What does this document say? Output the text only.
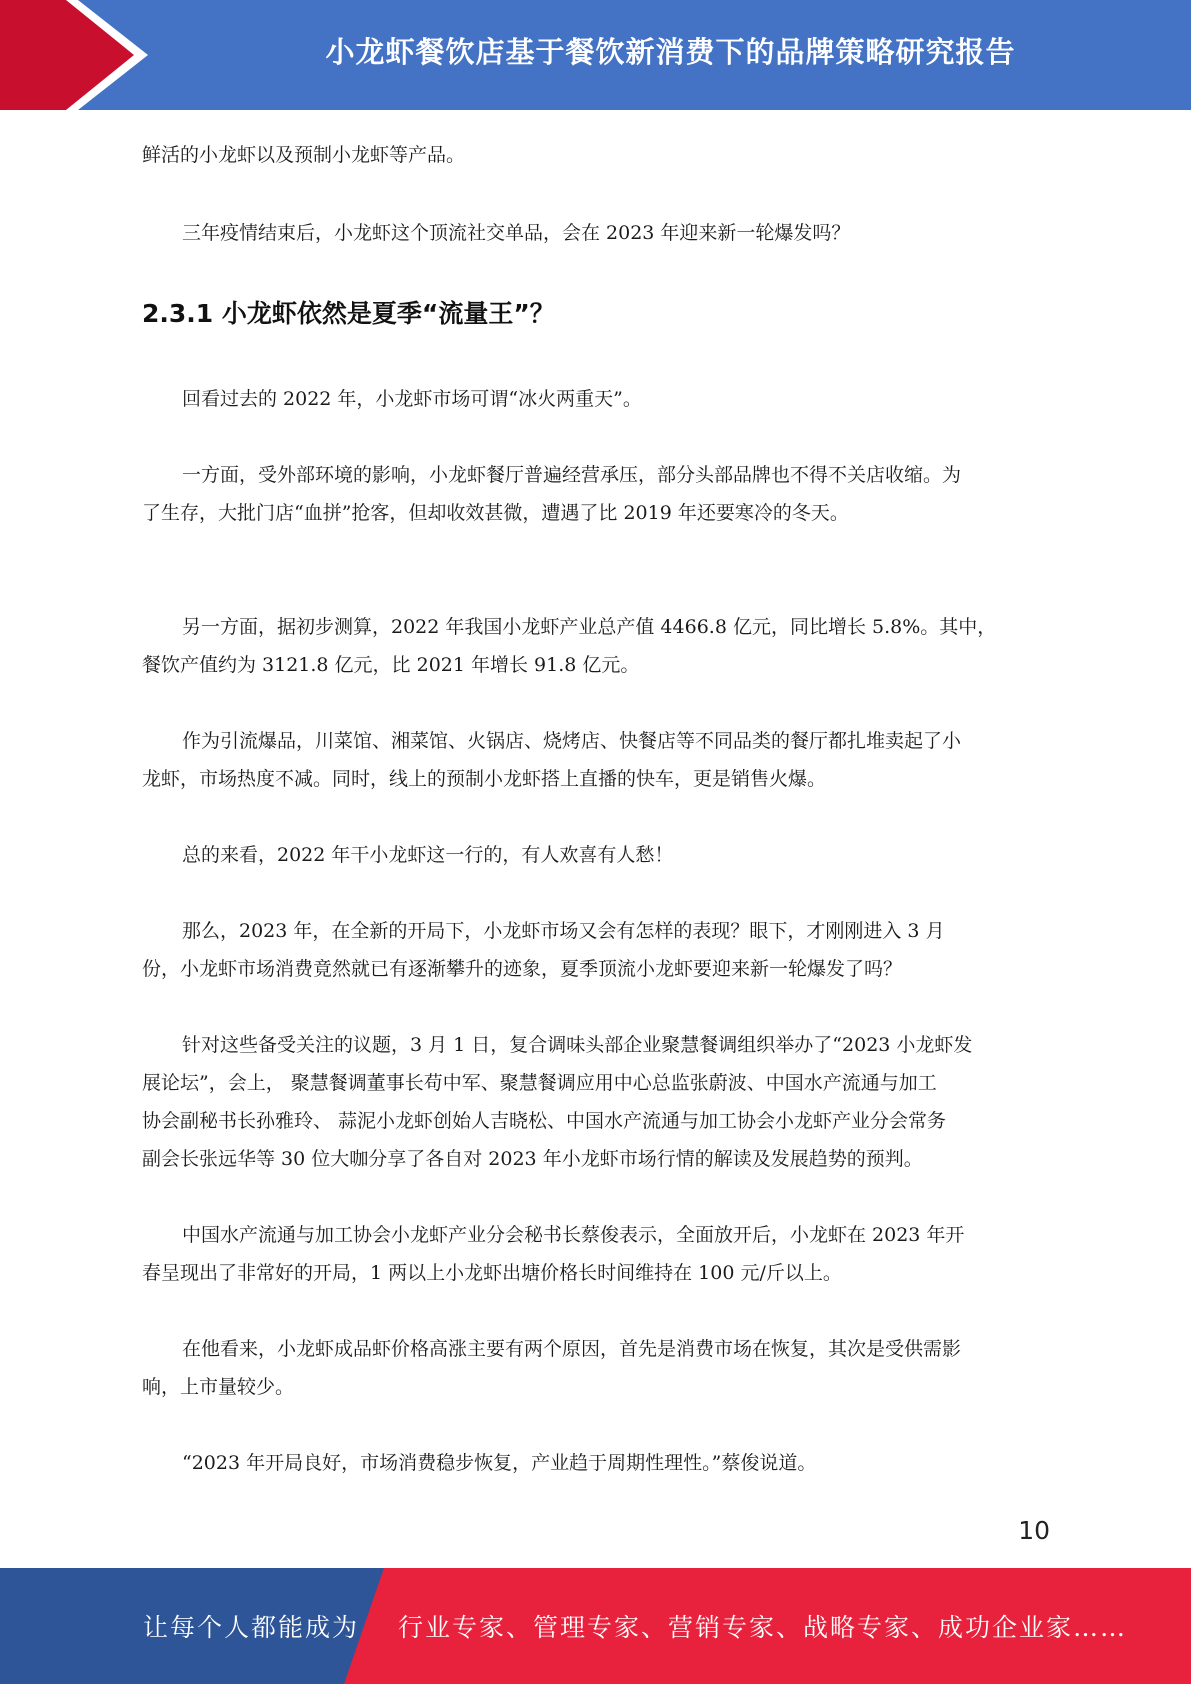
小龙虾餐饮店基于餐饮新消费下的品牌策略研究报告

鲜活的小龙虾以及预制小龙虾等产品。

三年疫情结束后，小龙虾这个顶流社交单品，会在 2023 年迎来新一轮爆发吗？

2.3.1 小龙虾依然是夏季“流量王”？

回看过去的 2022 年，小龙虾市场可谓“冰火两重天”。

一方面，受外部环境的影响，小龙虾餐厅普遍经营承压，部分头部品牌也不得不关店收缩。为

了生存，大批门店“血拼”抢客，但却收效甚微，遭遇了比 2019 年还要寒冷的冬天。

另一方面，据初步测算，2022 年我国小龙虾产业总产值 4466.8 亿元，同比增长 5.8%。其中，

餐饮产值约为 3121.8 亿元，比 2021 年增长 91.8 亿元。

作为引流爆品，川菜馆、湘菜馆、火锅店、烧烤店、快餐店等不同品类的餐厅都扎堆卖起了小

龙虾，市场热度不减。同时，线上的预制小龙虾搭上直播的快车，更是销售火爆。

总的来看，2022 年干小龙虾这一行的，有人欢喜有人愁！

那么，2023 年，在全新的开局下，小龙虾市场又会有怎样的表现？眼下，才刚刚进入 3 月

份，小龙虾市场消费竟然就已有逐渐攀升的迹象，夏季顶流小龙虾要迎来新一轮爆发了吗？

针对这些备受关注的议题，3 月 1 日，复合调味头部企业聚慧餐调组织举办了“2023 小龙虾发

展论坛”，会上， 聚慧餐调董事长苟中军、聚慧餐调应用中心总监张蔚波、中国水产流通与加工

协会副秘书长孙雅玲、 蒜泥小龙虾创始人吉晓松、中国水产流通与加工协会小龙虾产业分会常务

副会长张远华等 30 位大咖分享了各自对 2023 年小龙虾市场行情的解读及发展趋势的预判。

中国水产流通与加工协会小龙虾产业分会秘书长蔡俊表示，全面放开后，小龙虾在 2023 年开

春呈现出了非常好的开局，1 两以上小龙虾出塘价格长时间维持在 100 元/斤以上。

在他看来，小龙虾成品虾价格高涨主要有两个原因，首先是消费市场在恢复，其次是受供需影

响，上市量较少。

“2023 年开局良好，市场消费稳步恢复，产业趋于周期性理性。”蔡俊说道。

10
让每个人都能成为 行业专家、管理专家、营销专家、战略专家、成功企业家……
